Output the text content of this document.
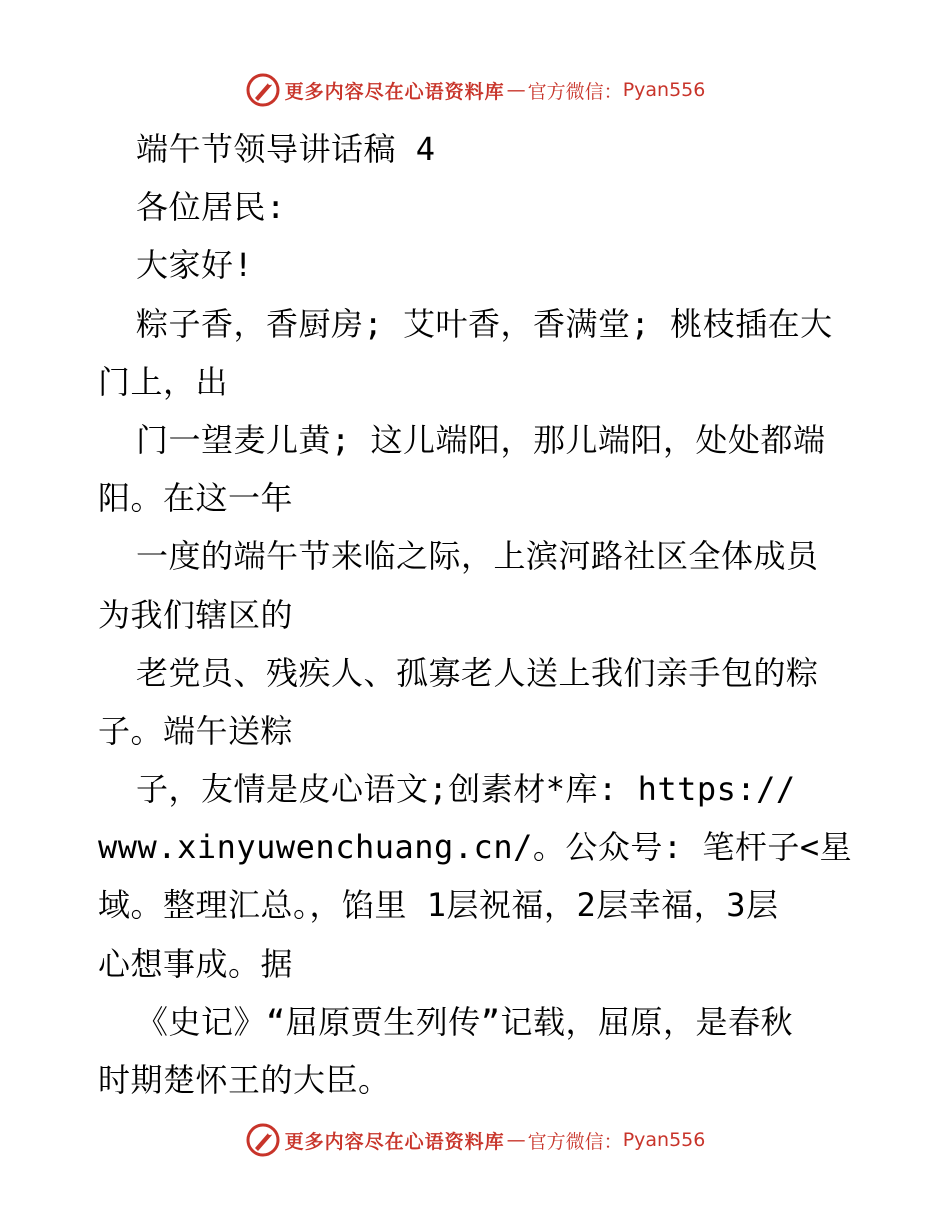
更多内容尽在心语资料库 — 官方微信： Pyan556
端午节领导讲话稿 4
各位居民:
大家好!
粽子香，香厨房; 艾叶香，香满堂; 桃枝插在大
门上，出
门一望麦儿黄; 这儿端阳，那儿端阳，处处都端
阳。在这一年
一度的端午节来临之际，上滨河路社区全体成员
为我们辖区的
老党员、残疾人、孤寡老人送上我们亲手包的粽
子。端午送粽
子，友情是皮心语文;创素材*库: https://
www.xinyuwenchuang.cn/。公众号: 笔杆子<星
域。整理汇总。，馅里 1层祝福，2层幸福，3层
心想事成。据
《史记》“屈原贾生列传”记载，屈原，是春秋
时期楚怀王的大臣。
更多内容尽在心语资料库 — 官方微信： Pyan556
